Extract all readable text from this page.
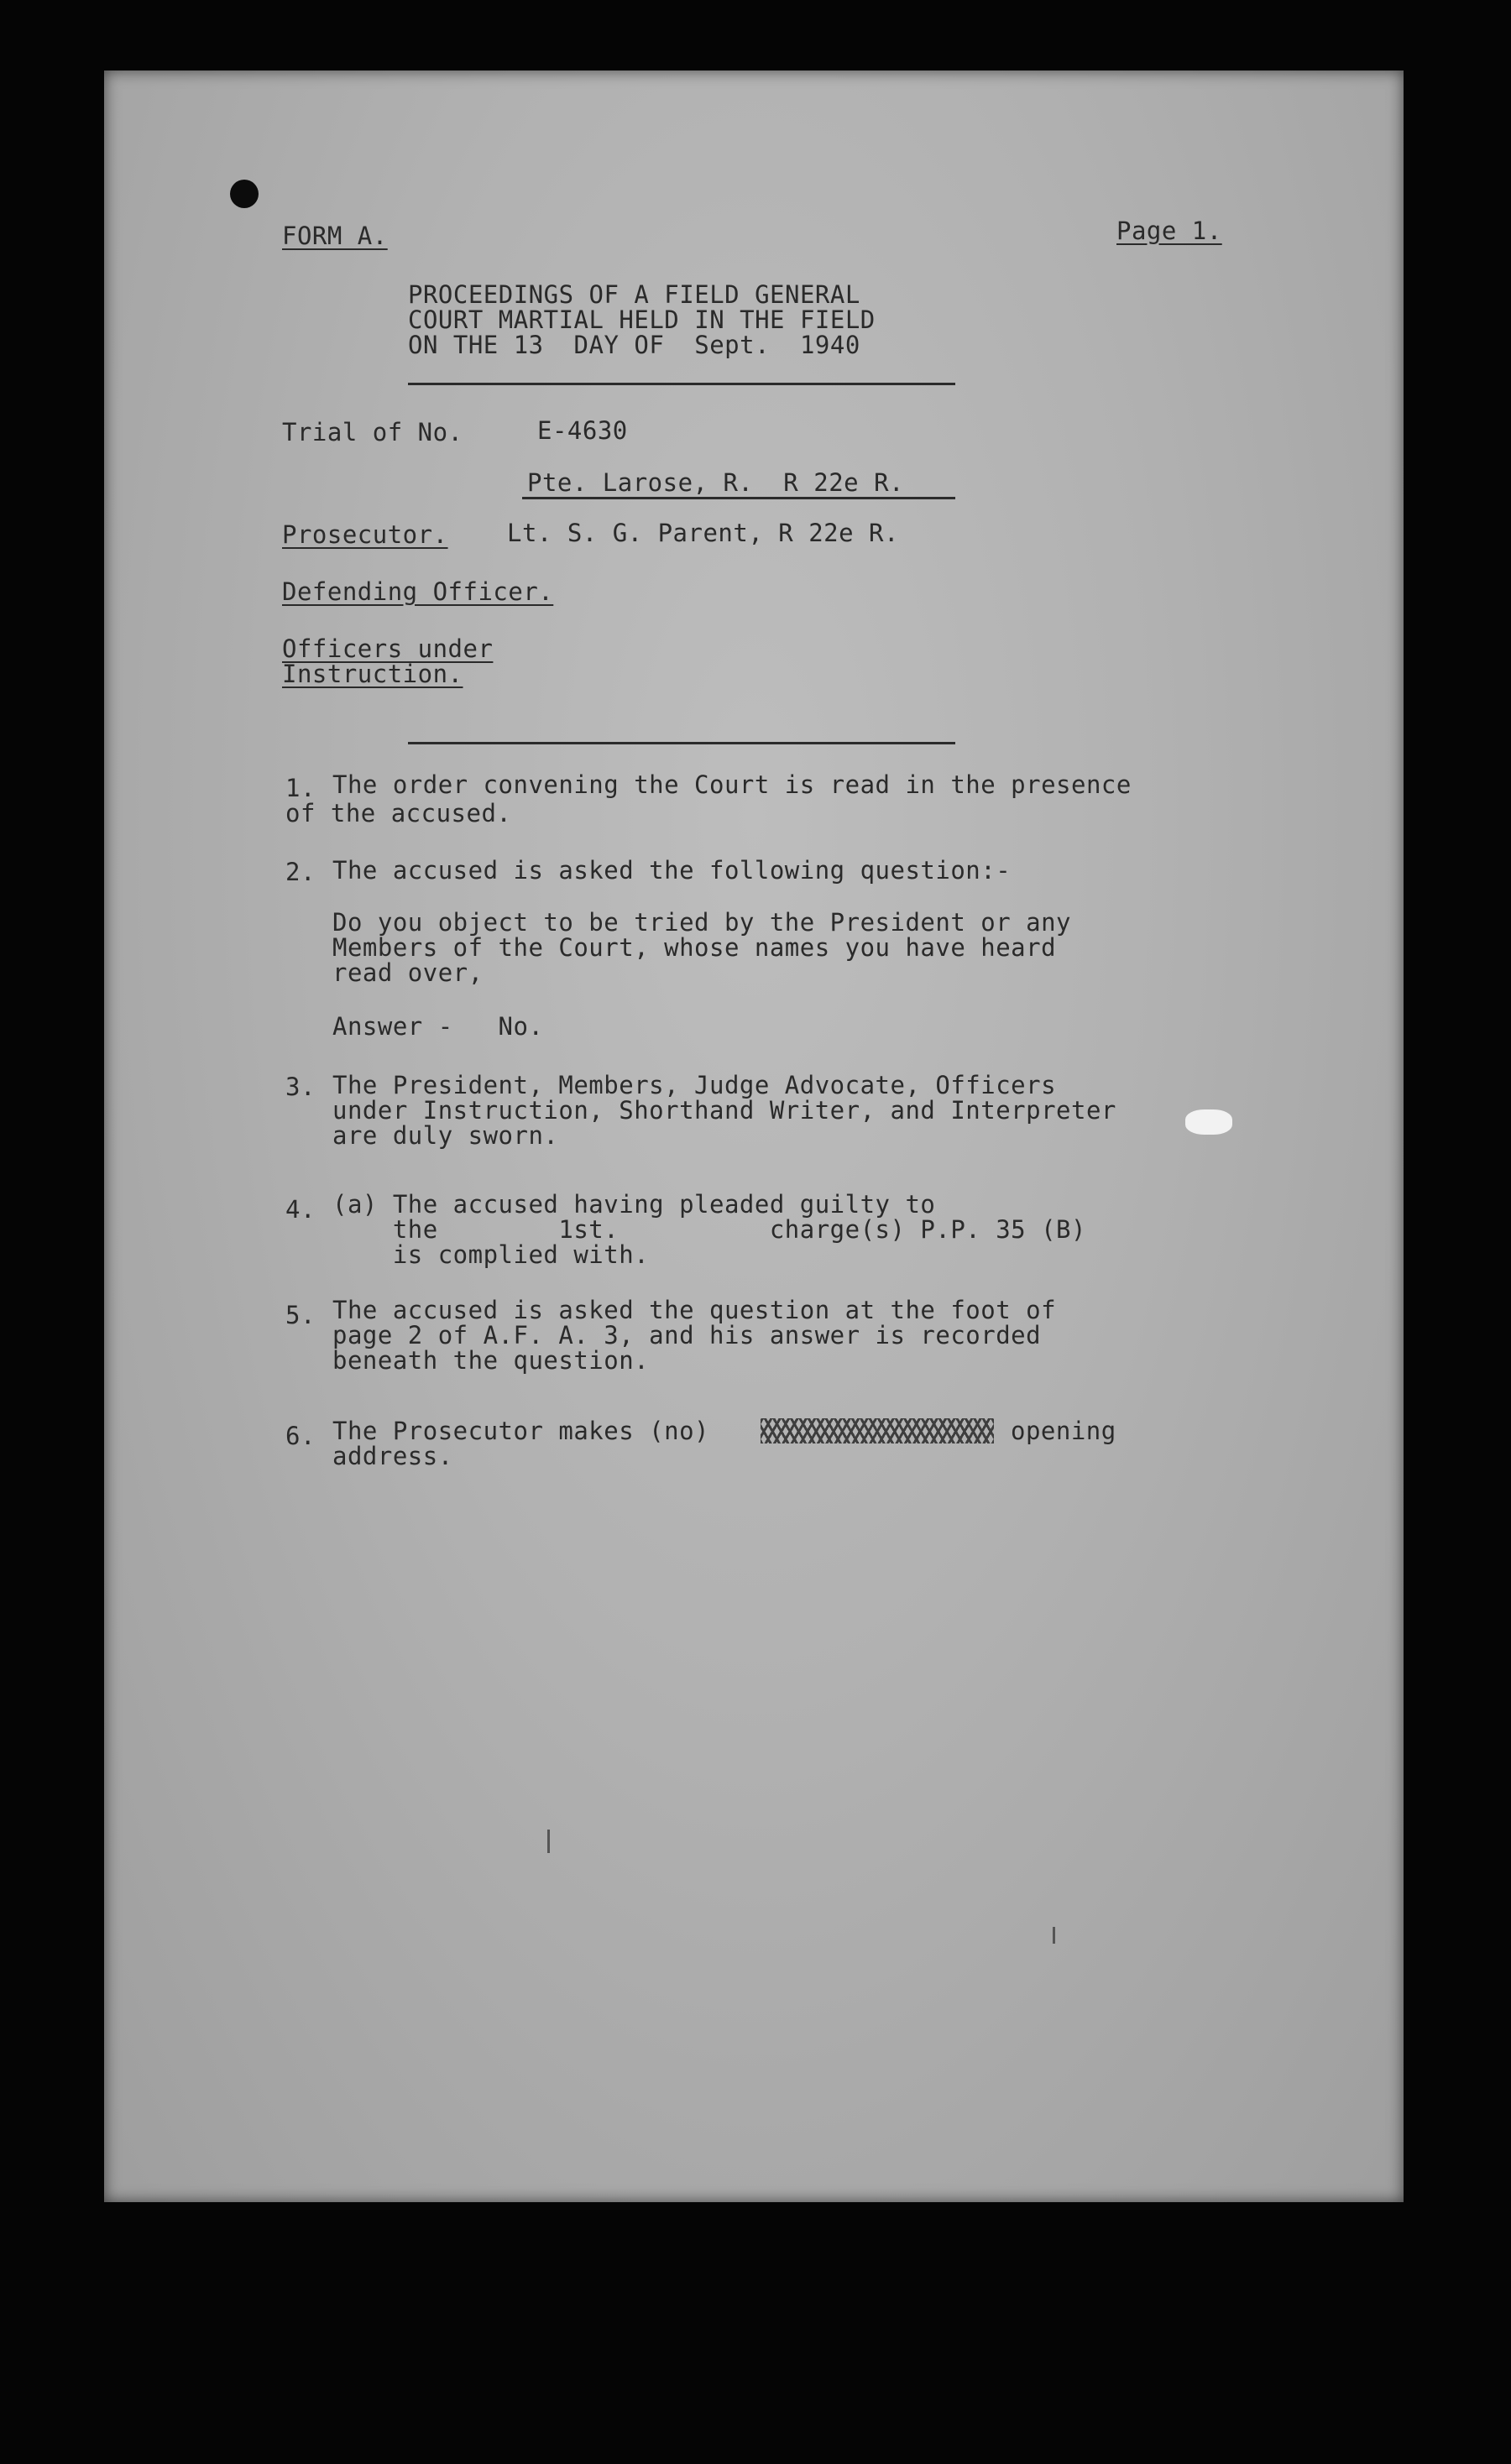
FORM A.	Page 1.

PROCEEDINGS OF A FIELD GENERAL

COURT MARTIAL HELD IN THE FIELD

ON THE 13  DAY OF  Sept.  1940

Trial of No.	E-4630

Pte. Larose, R.  R 22e R.

Prosecutor. Lt. S. G. Parent, R 22e R.

Defending Officer.

Officers under

Instruction.

1. The order convening the Court is read in the presence

of the accused.

2. The accused is asked the following question:-

Do you object to be tried by the President or any

Members of the Court, whose names you have heard

read over,

Answer -   No.

3. The President, Members, Judge Advocate, Officers

under Instruction, Shorthand Writer, and Interpreter

are duly sworn.

4. (a) The accused having pleaded guilty to

the        1st.          charge(s) P.P. 35 (B)

is complied with.

5. The accused is asked the question at the foot of

page 2 of A.F. A. 3, and his answer is recorded

beneath the question.

6. The Prosecutor makes (no)	opening

address.
